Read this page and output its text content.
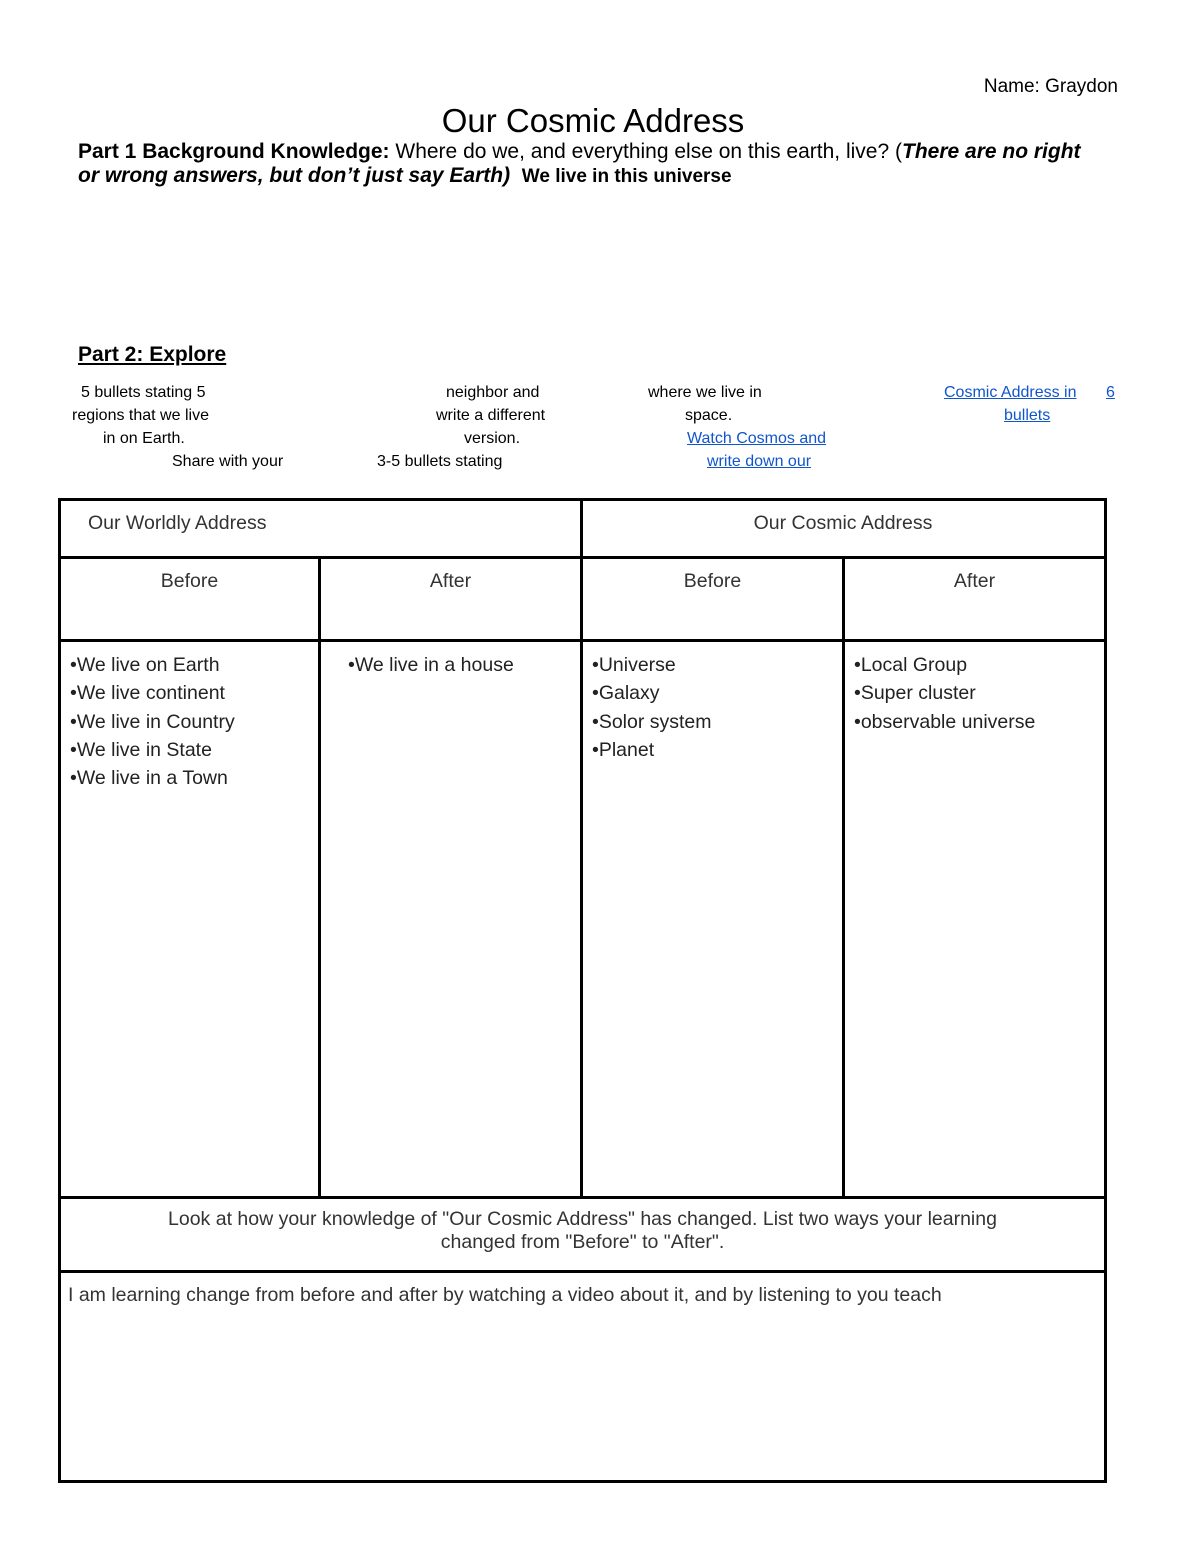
Name: Graydon
Our Cosmic Address
Part 1 Background Knowledge: Where do we, and everything else on this earth, live? (There are no right or wrong answers, but don’t just say Earth) We live in this universe
Part 2: Explore
5 bullets stating 5
regions that we live
in on Earth.
Share with your
neighbor and
write a different
version.
3-5 bullets stating
where we live in
space.
Watch Cosmos and
write down our
Cosmic Address in 6
bullets
Our Worldly Address	Our Cosmic Address
Before	After	Before	After
• We live on Earth
• We live continent
• We live in Country
• We live in State
• We live in a Town
• We live in a house
•	Universe
• Galaxy
• Solor system
• Planet
• Local Group
• Super cluster
• observable universe
Look at how your knowledge of "Our Cosmic Address" has changed. List two ways your learning
changed from "Before" to "After".
I am learning change from before and after by watching a video about it, and by listening to you teach
